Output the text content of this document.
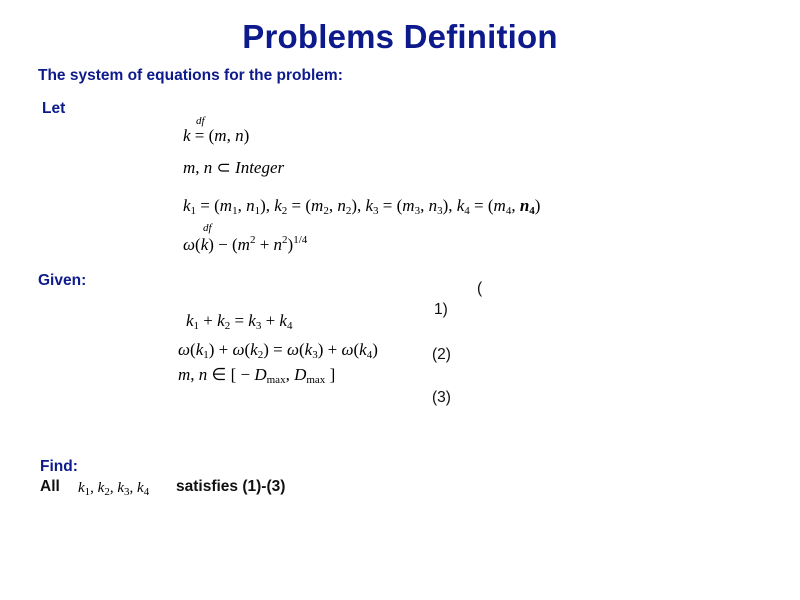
Problems Definition
The system of equations for the problem:
Let
df
k = (m, n)
m, n ⊂ Integer
$k_1 = (m_1$, $n_1$), $k_2 = (m_2$, $n_2$), $k_3 = (m_3$, $n_3$), $k_4 = (m_4$, $n_4$)
df
$\omega(k) - (m^2 + n^2)^{1/4}$
Given:
$k_1 + k_2 = k_3 + k_4$
$\omega(k_1) + \omega(k_2) = \omega(k_3) + \omega(k_4)$
m, n ∈ [ − $D_{max}$, $D_{max}$ ]
(
1)
(2)
(3)
Find:
All $k_1$, $k_2$, $k_3$, $k_4$ satisfies (1)-(3)
